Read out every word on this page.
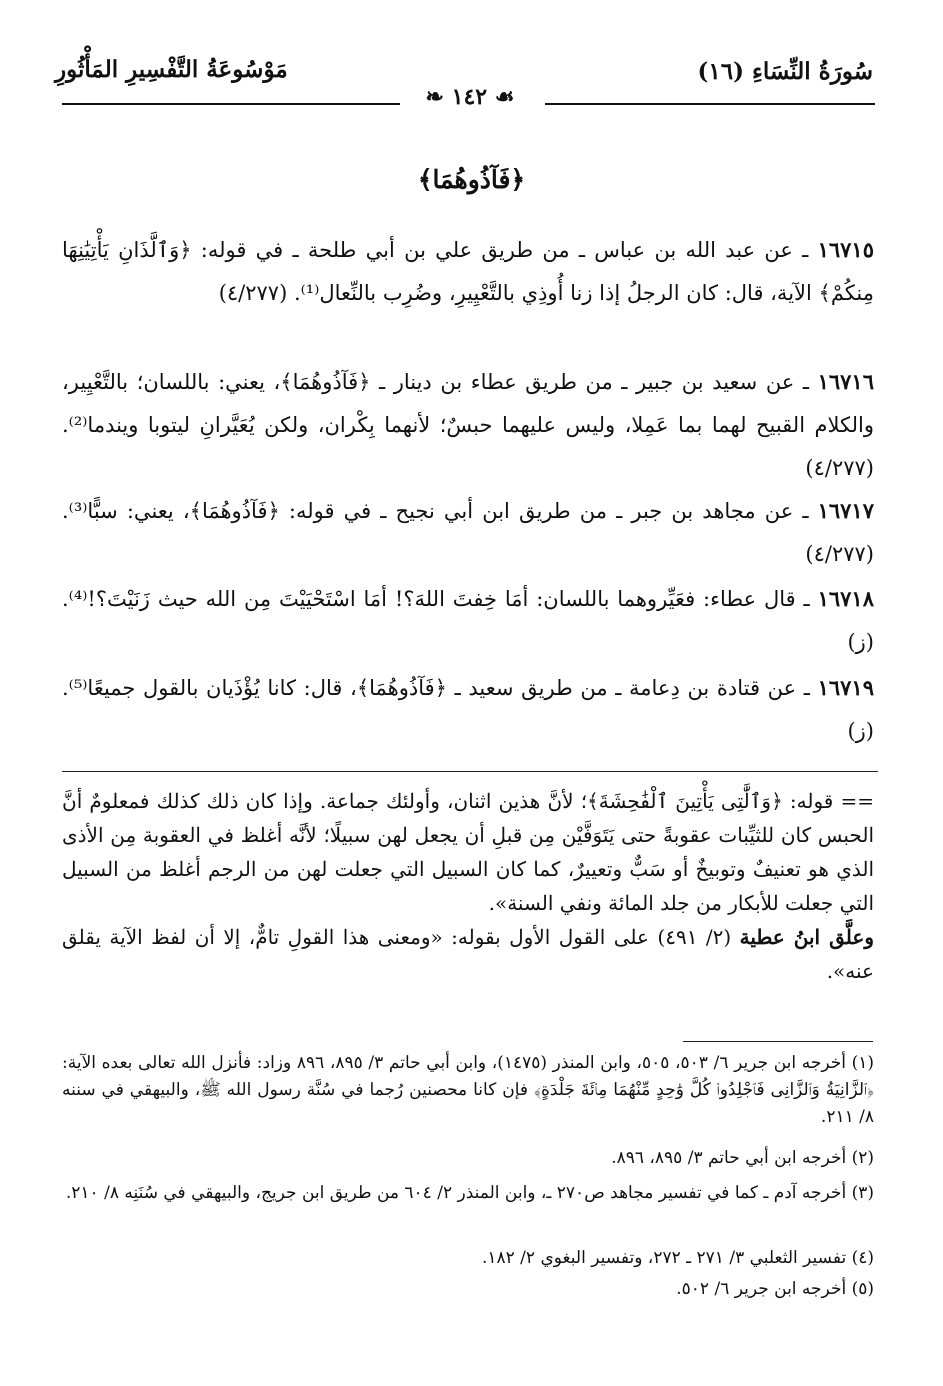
سُورَةُ النِّسَاءِ (١٦)
مَوْسُوعَةُ التَّفْسِيرِ المَأْثُورِ
❧ ١٤٢ ☙
﴿فَآذُوهُمَا﴾
١٦٧١٥ ـ عن عبد الله بن عباس ـ من طريق علي بن أبي طلحة ـ في قوله: ﴿وَٱلَّذَانِ يَأْتِيَٰنِهَا مِنكُمْ﴾ الآية، قال: كان الرجلُ إذا زنا أُوذِي بالتَّعْيِيرِ، وضُرِب بالنِّعال⁽¹⁾. (٤/٢٧٧)
١٦٧١٦ ـ عن سعيد بن جبير ـ من طريق عطاء بن دينار ـ ﴿فَآذُوهُمَا﴾، يعني: باللسان؛ بالتَّعْيِير، والكلام القبيح لهما بما عَمِلا، وليس عليهما حبسٌ؛ لأنهما بِكْران، ولكن يُعَيَّرانِ ليتوبا ويندما⁽²⁾. (٤/٢٧٧)
١٦٧١٧ ـ عن مجاهد بن جبر ـ من طريق ابن أبي نجيح ـ في قوله: ﴿فَآذُوهُمَا﴾، يعني: سبًّا⁽³⁾. (٤/٢٧٧)
١٦٧١٨ ـ قال عطاء: فعَيِّروهما باللسان: أمَا خِفتَ اللهَ؟! أمَا اسْتَحْيَيْتَ مِن الله حيث زَنَيْتَ؟!⁽⁴⁾. (ز)
١٦٧١٩ ـ عن قتادة بن دِعامة ـ من طريق سعيد ـ ﴿فَآذُوهُمَا﴾، قال: كانا يُؤْذَيان بالقول جميعًا⁽⁵⁾. (ز)
== قوله: ﴿وَٱلَّٰتِى يَأْتِينَ ٱلْفَٰحِشَةَ﴾؛ لأنَّ هذين اثنان، وأولئك جماعة. وإذا كان ذلك كذلك فمعلومٌ أنَّ الحبس كان للثيِّبات عقوبةً حتى يَتَوَفَّيْن مِن قبلِ أن يجعل لهن سبيلًا؛ لأنَّه أغلظ في العقوبة مِن الأذى الذي هو تعنيفٌ وتوبيخٌ أو سَبٌّ وتعييرٌ، كما كان السبيل التي جعلت لهن من الرجم أغلظ من السبيل التي جعلت للأبكار من جلد المائة ونفي السنة».
وعلَّق ابنُ عطية (٢/ ٤٩١) على القول الأول بقوله: «ومعنى هذا القولِ تامٌّ، إلا أن لفظ الآية يقلق عنه».
(١) أخرجه ابن جرير ٦/ ٥٠٣، ٥٠٥، وابن المنذر (١٤٧٥)، وابن أبي حاتم ٣/ ٨٩٥، ٨٩٦ وزاد: فأنزل الله تعالى بعده الآية: ﴿ٱلزَّانِيَةُ وَٱلزَّانِى فَٱجْلِدُوا۟ كُلَّ وَٰحِدٍ مِّنْهُمَا مِا۟ئَةَ جَلْدَةٍ﴾ فإن كانا محصنين رُجما في سُنَّة رسول الله ﷺ، والبيهقي في سننه ٨/ ٢١١.
(٢) أخرجه ابن أبي حاتم ٣/ ٨٩٥، ٨٩٦.
(٣) أخرجه آدم ـ كما في تفسير مجاهد ص٢٧٠ ـ، وابن المنذر ٢/ ٦٠٤ من طريق ابن جريج، والبيهقي في سُنَنِه ٨/ ٢١٠.
(٤) تفسير الثعلبي ٣/ ٢٧١ ـ ٢٧٢، وتفسير البغوي ٢/ ١٨٢.
(٥) أخرجه ابن جرير ٦/ ٥٠٢.
